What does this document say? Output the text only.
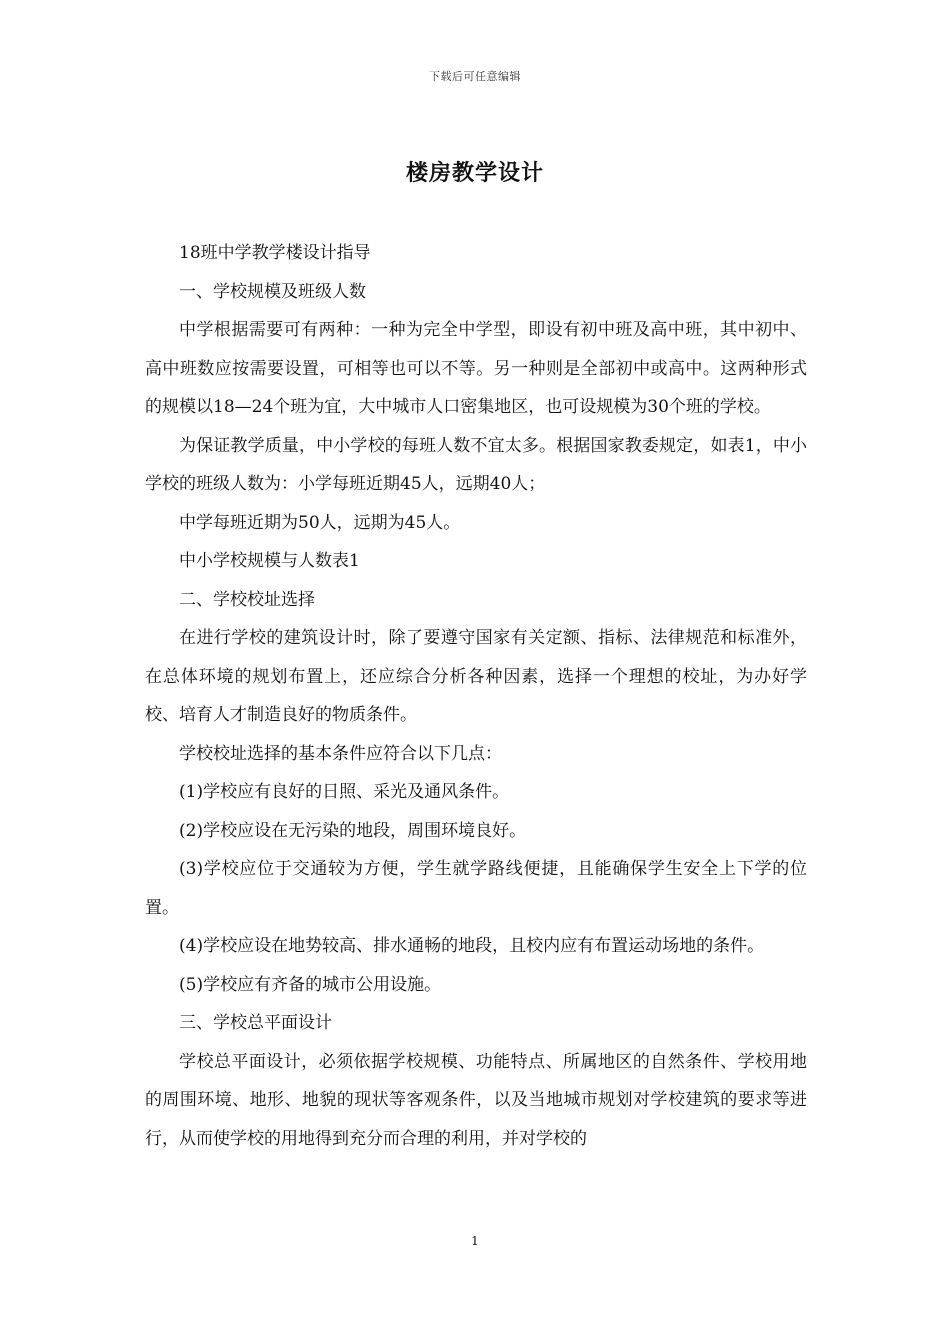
下载后可任意编辑
楼房教学设计

18班中学教学楼设计指导

一、学校规模及班级人数

中学根据需要可有两种：一种为完全中学型，即设有初中班及高中班，其中初中、高中班数应按需要设置，可相等也可以不等。另一种则是全部初中或高中。这两种形式的规模以18—24个班为宜，大中城市人口密集地区，也可设规模为30个班的学校。

为保证教学质量，中小学校的每班人数不宜太多。根据国家教委规定，如表1，中小学校的班级人数为：小学每班近期45人，远期40人；

中学每班近期为50人，远期为45人。

中小学校规模与人数表1

二、学校校址选择

在进行学校的建筑设计时，除了要遵守国家有关定额、指标、法律规范和标准外，在总体环境的规划布置上，还应综合分析各种因素，选择一个理想的校址，为办好学校、培育人才制造良好的物质条件。

学校校址选择的基本条件应符合以下几点：

(1)学校应有良好的日照、采光及通风条件。

(2)学校应设在无污染的地段，周围环境良好。

(3)学校应位于交通较为方便，学生就学路线便捷，且能确保学生安全上下学的位置。

(4)学校应设在地势较高、排水通畅的地段，且校内应有布置运动场地的条件。

(5)学校应有齐备的城市公用设施。

三、学校总平面设计

学校总平面设计，必须依据学校规模、功能特点、所属地区的自然条件、学校用地的周围环境、地形、地貌的现状等客观条件，以及当地城市规划对学校建筑的要求等进行，从而使学校的用地得到充分而合理的利用，并对学校的

1
